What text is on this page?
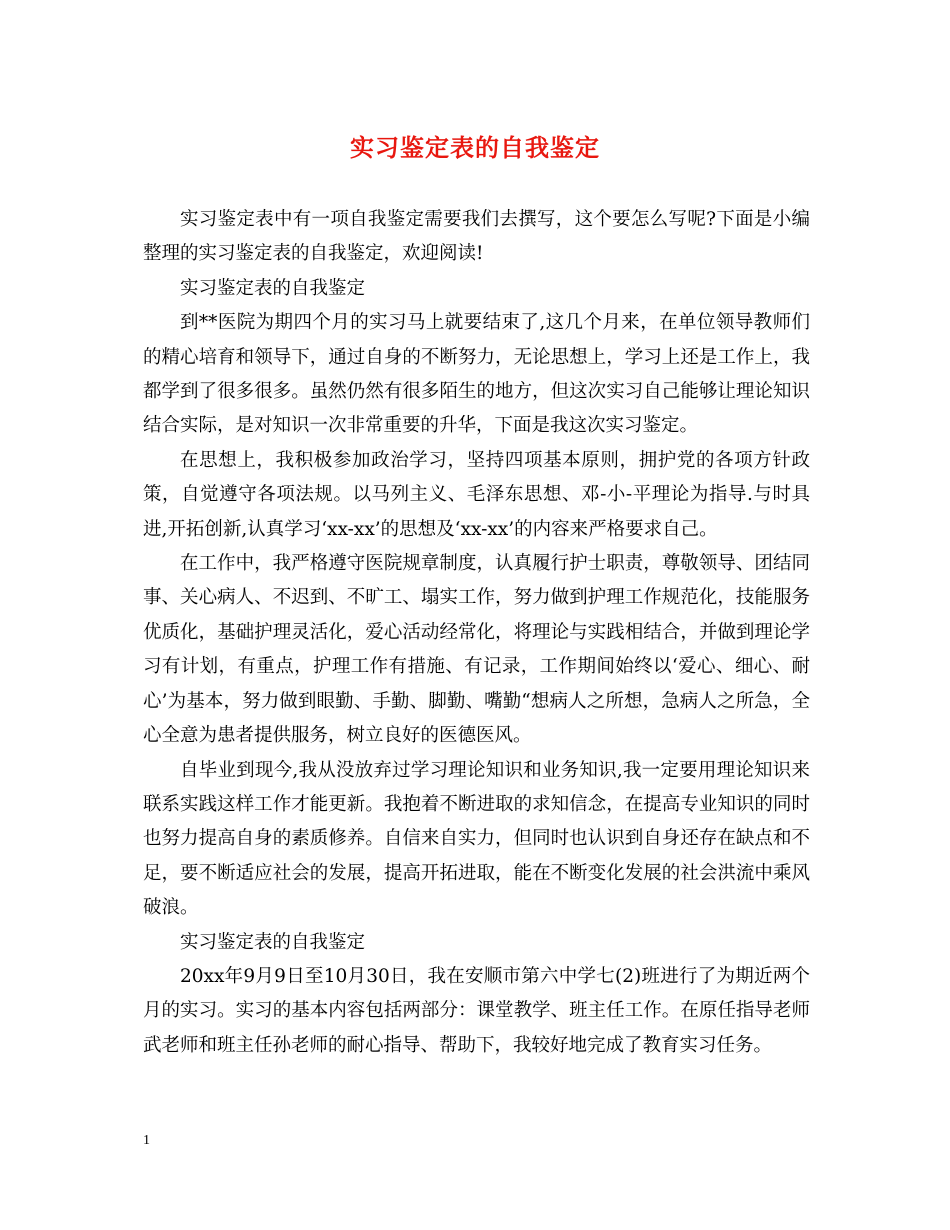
实习鉴定表的自我鉴定

实习鉴定表中有一项自我鉴定需要我们去撰写，这个要怎么写呢?下面是小编整理的实习鉴定表的自我鉴定，欢迎阅读!

实习鉴定表的自我鉴定

到**医院为期四个月的实习马上就要结束了,这几个月来，在单位领导教师们的精心培育和领导下，通过自身的不断努力，无论思想上，学习上还是工作上，我都学到了很多很多。虽然仍然有很多陌生的地方，但这次实习自己能够让理论知识结合实际，是对知识一次非常重要的升华，下面是我这次实习鉴定。

在思想上，我积极参加政治学习，坚持四项基本原则，拥护党的各项方针政策，自觉遵守各项法规。以马列主义、毛泽东思想、邓-小-平理论为指导.与时具进,开拓创新,认真学习‘xx-xx’的思想及‘xx-xx’的内容来严格要求自己。

在工作中，我严格遵守医院规章制度，认真履行护士职责，尊敬领导、团结同事、关心病人、不迟到、不旷工、塌实工作，努力做到护理工作规范化，技能服务优质化，基础护理灵活化，爱心活动经常化，将理论与实践相结合，并做到理论学习有计划，有重点，护理工作有措施、有记录，工作期间始终以‘爱心、细心、耐心’为基本，努力做到眼勤、手勤、脚勤、嘴勤“想病人之所想，急病人之所急，全心全意为患者提供服务，树立良好的医德医风。

自毕业到现今,我从没放弃过学习理论知识和业务知识,我一定要用理论知识来联系实践这样工作才能更新。我抱着不断进取的求知信念，在提高专业知识的同时也努力提高自身的素质修养。自信来自实力，但同时也认识到自身还存在缺点和不足，要不断适应社会的发展，提高开拓进取，能在不断变化发展的社会洪流中乘风破浪。

实习鉴定表的自我鉴定

20xx年9月9日至10月30日，我在安顺市第六中学七(2)班进行了为期近两个月的实习。实习的基本内容包括两部分：课堂教学、班主任工作。在原任指导老师武老师和班主任孙老师的耐心指导、帮助下，我较好地完成了教育实习任务。

1
